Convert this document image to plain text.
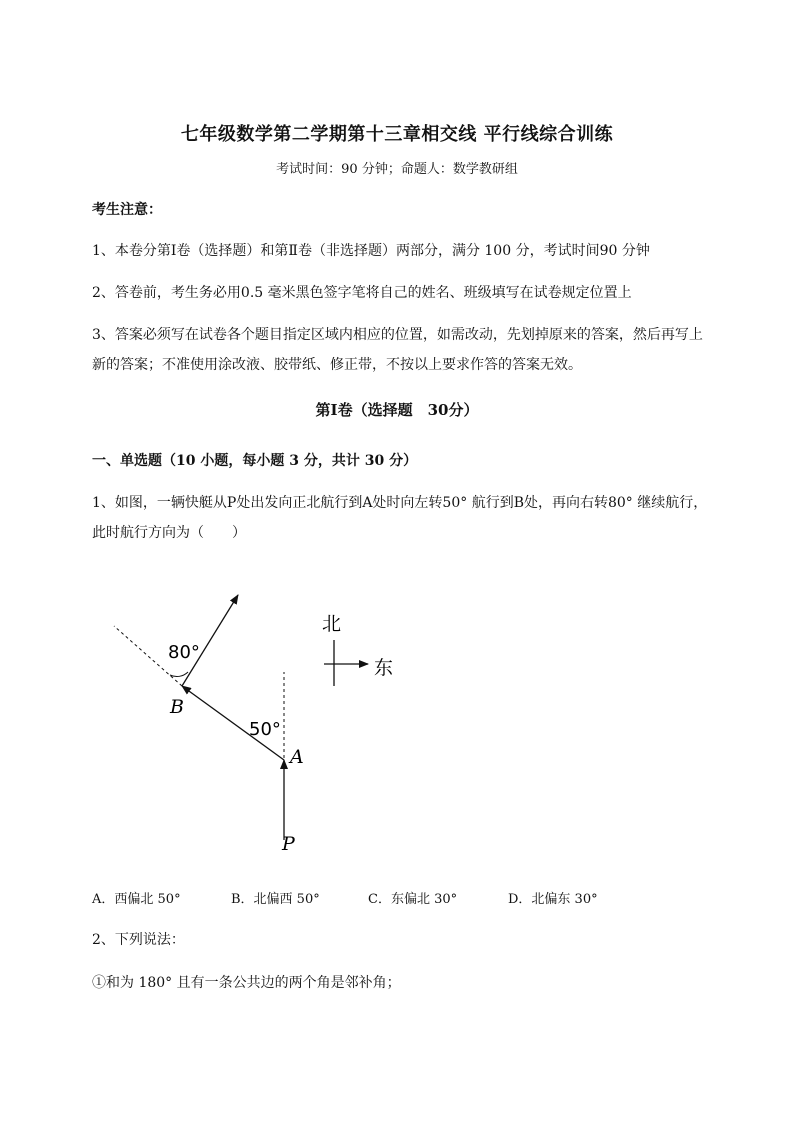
七年级数学第二学期第十三章相交线 平行线综合训练
考试时间：90 分钟；命题人：数学教研组
考生注意：
1、本卷分第Ⅰ卷（选择题）和第Ⅱ卷（非选择题）两部分，满分 100 分，考试时间90 分钟
2、答卷前，考生务必用0.5 毫米黑色签字笔将自己的姓名、班级填写在试卷规定位置上
3、答案必须写在试卷各个题目指定区域内相应的位置，如需改动，先划掉原来的答案，然后再写上新的答案；不准使用涂改液、胶带纸、修正带，不按以上要求作答的答案无效。
第Ⅰ卷（选择题　30分）
一、单选题（10 小题，每小题 3 分，共计 30 分）
1、如图，一辆快艇从P处出发向正北航行到A处时向左转50° 航行到B处，再向右转80° 继续航行，此时航行方向为（　　）
80°
50°
B
A
P
北
东
A．西偏北 50°	B．北偏西 50°	C．东偏北 30°	D．北偏东 30°
2、下列说法：
①和为 180° 且有一条公共边的两个角是邻补角；
